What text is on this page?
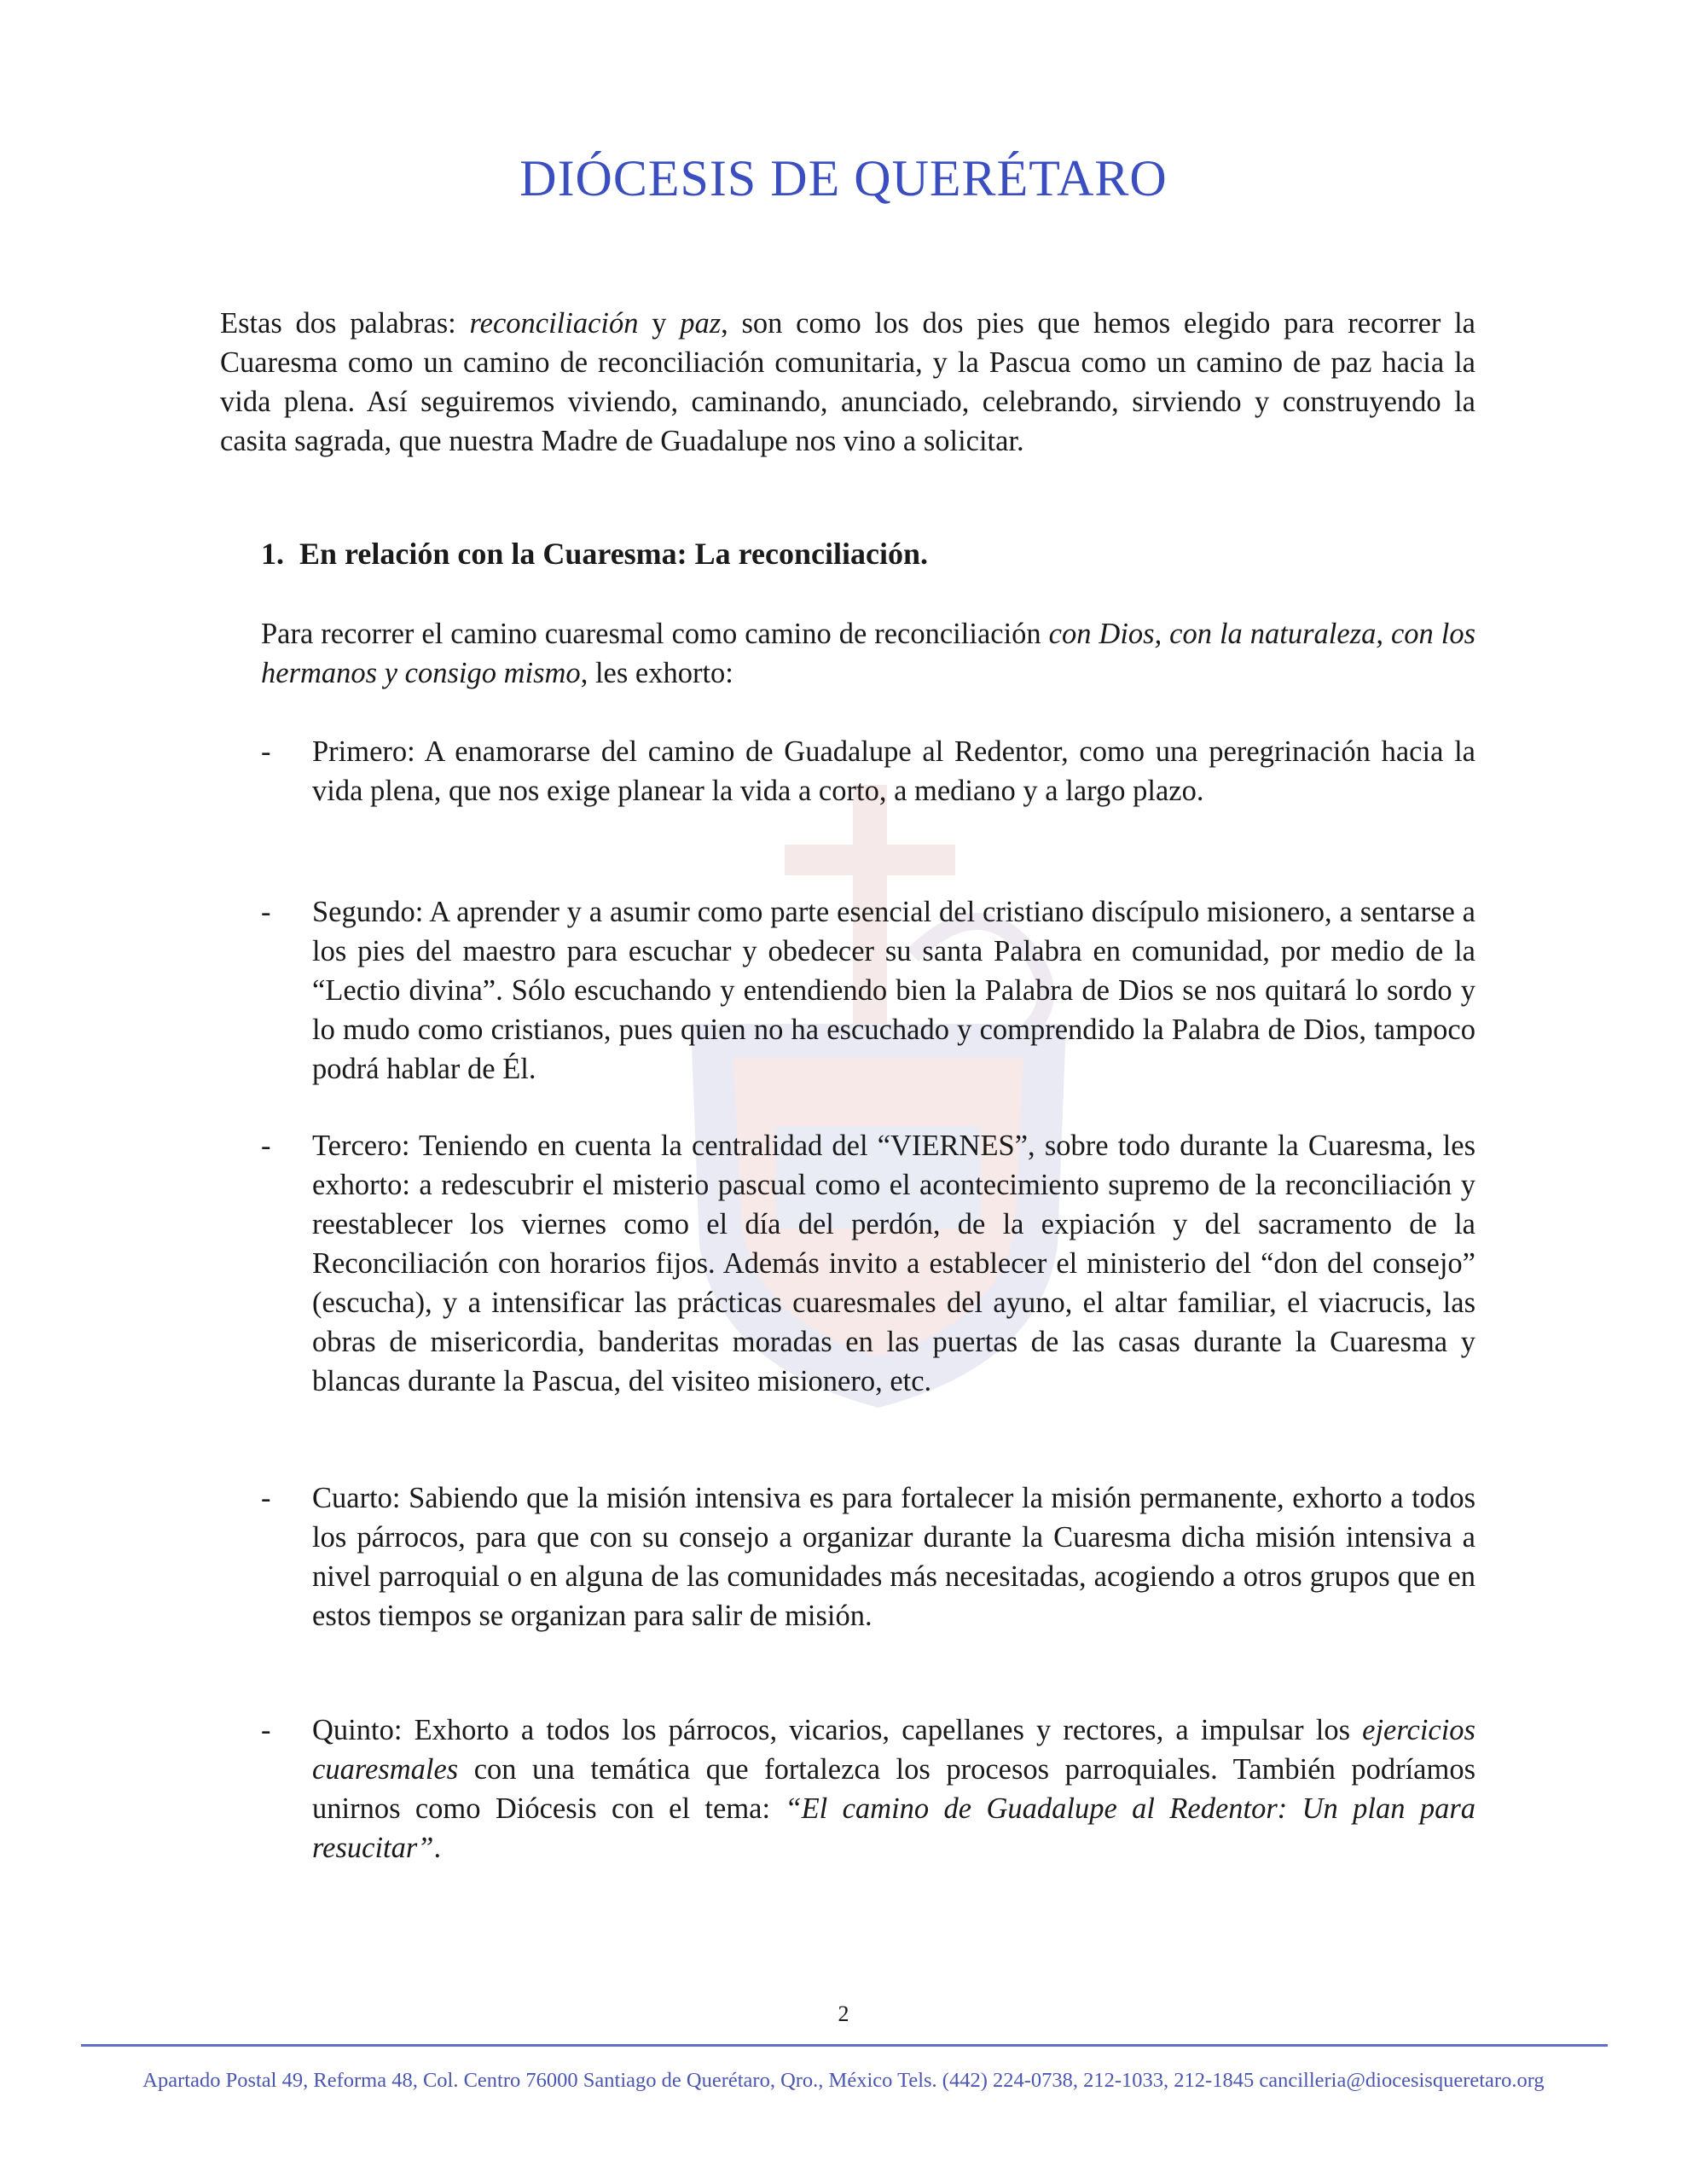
DIÓCESIS DE QUERÉTARO

Estas dos palabras: reconciliación y paz, son como los dos pies que hemos elegido para recorrer la Cuaresma como un camino de reconciliación comunitaria, y la Pascua como un camino de paz hacia la vida plena. Así seguiremos viviendo, caminando, anunciado, celebrando, sirviendo y construyendo la casita sagrada, que nuestra Madre de Guadalupe nos vino a solicitar.

1. En relación con la Cuaresma: La reconciliación.

Para recorrer el camino cuaresmal como camino de reconciliación con Dios, con la naturaleza, con los hermanos y consigo mismo, les exhorto:

- Primero: A enamorarse del camino de Guadalupe al Redentor, como una peregrinación hacia la vida plena, que nos exige planear la vida a corto, a mediano y a largo plazo.

- Segundo: A aprender y a asumir como parte esencial del cristiano discípulo misionero, a sentarse a los pies del maestro para escuchar y obedecer su santa Palabra en comunidad, por medio de la “Lectio divina”. Sólo escuchando y entendiendo bien la Palabra de Dios se nos quitará lo sordo y lo mudo como cristianos, pues quien no ha escuchado y comprendido la Palabra de Dios, tampoco podrá hablar de Él.

- Tercero: Teniendo en cuenta la centralidad del “VIERNES”, sobre todo durante la Cuaresma, les exhorto: a redescubrir el misterio pascual como el acontecimiento supremo de la reconciliación y reestablecer los viernes como el día del perdón, de la expiación y del sacramento de la Reconciliación con horarios fijos. Además invito a establecer el ministerio del “don del consejo” (escucha), y a intensificar las prácticas cuaresmales del ayuno, el altar familiar, el viacrucis, las obras de misericordia, banderitas moradas en las puertas de las casas durante la Cuaresma y blancas durante la Pascua, del visiteo misionero, etc.

- Cuarto: Sabiendo que la misión intensiva es para fortalecer la misión permanente, exhorto a todos los párrocos, para que con su consejo a organizar durante la Cuaresma dicha misión intensiva a nivel parroquial o en alguna de las comunidades más necesitadas, acogiendo a otros grupos que en estos tiempos se organizan para salir de misión.

- Quinto: Exhorto a todos los párrocos, vicarios, capellanes y rectores, a impulsar los ejercicios cuaresmales con una temática que fortalezca los procesos parroquiales. También podríamos unirnos como Diócesis con el tema: “El camino de Guadalupe al Redentor: Un plan para resucitar”.

2
Apartado Postal 49, Reforma 48, Col. Centro 76000 Santiago de Querétaro, Qro., México Tels. (442) 224-0738, 212-1033, 212-1845 cancilleria@diocesisqueretaro.org
